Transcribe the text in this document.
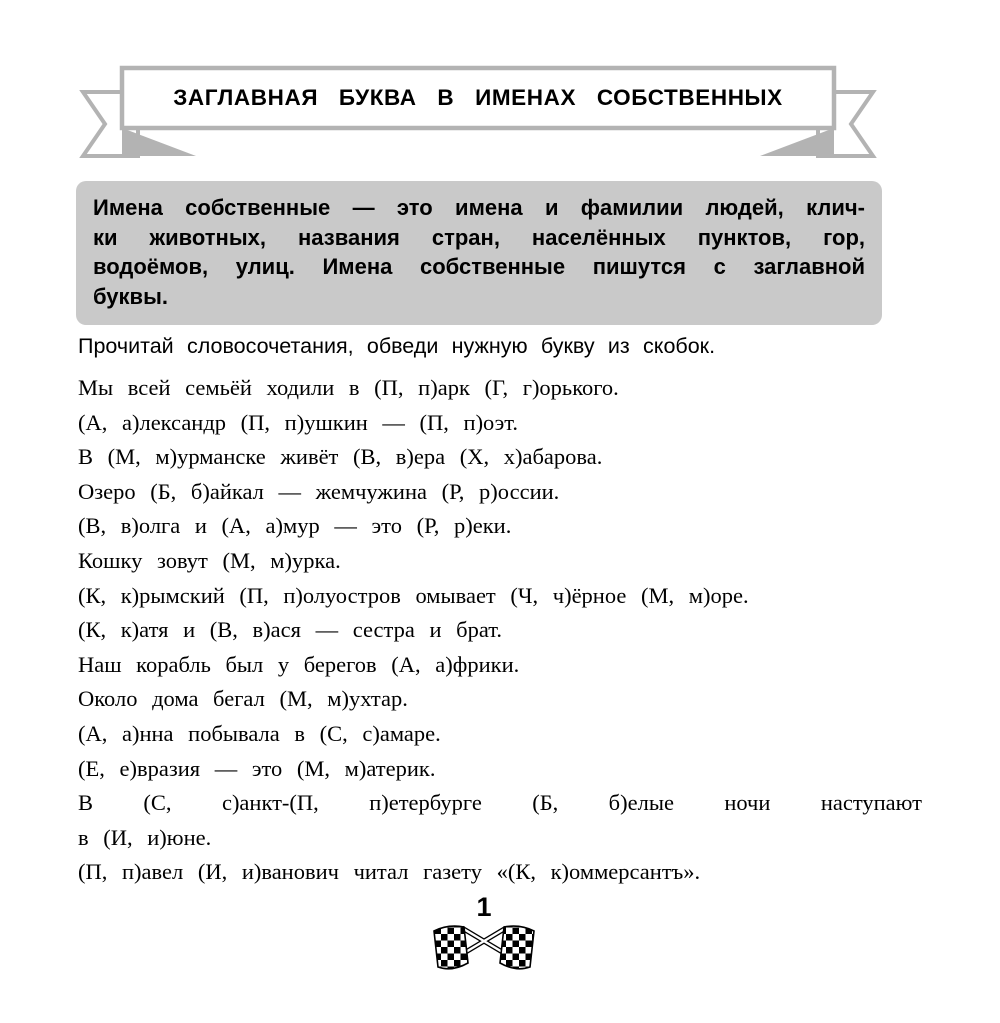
ЗАГЛАВНАЯ БУКВА В ИМЕНАХ СОБСТВЕННЫХ
Имена собственные — это имена и фамилии людей, клич-
ки животных, названия стран, населённых пунктов, гор,
водоёмов, улиц. Имена собственные пишутся с заглавной
буквы.
Прочитай словосочетания, обведи нужную букву из скобок.
Мы всей семьёй ходили в (П, п)арк (Г, г)орького.
(А, а)лександр (П, п)ушкин — (П, п)оэт.
В (М, м)урманске живёт (В, в)ера (Х, х)абарова.
Озеро (Б, б)айкал — жемчужина (Р, р)оссии.
(В, в)олга и (А, а)мур — это (Р, р)еки.
Кошку зовут (М, м)урка.
(К, к)рымский (П, п)олуостров омывает (Ч, ч)ёрное (М, м)оре.
(К, к)атя и (В, в)ася — сестра и брат.
Наш корабль был у берегов (А, а)фрики.
Около дома бегал (М, м)ухтар.
(А, а)нна побывала в (С, с)амаре.
(Е, е)вразия — это (М, м)атерик.
В (С, с)анкт-(П, п)етербурге (Б, б)елые ночи наступают
в (И, и)юне.
(П, п)авел (И, и)ванович читал газету «(К, к)оммерсантъ».
1
